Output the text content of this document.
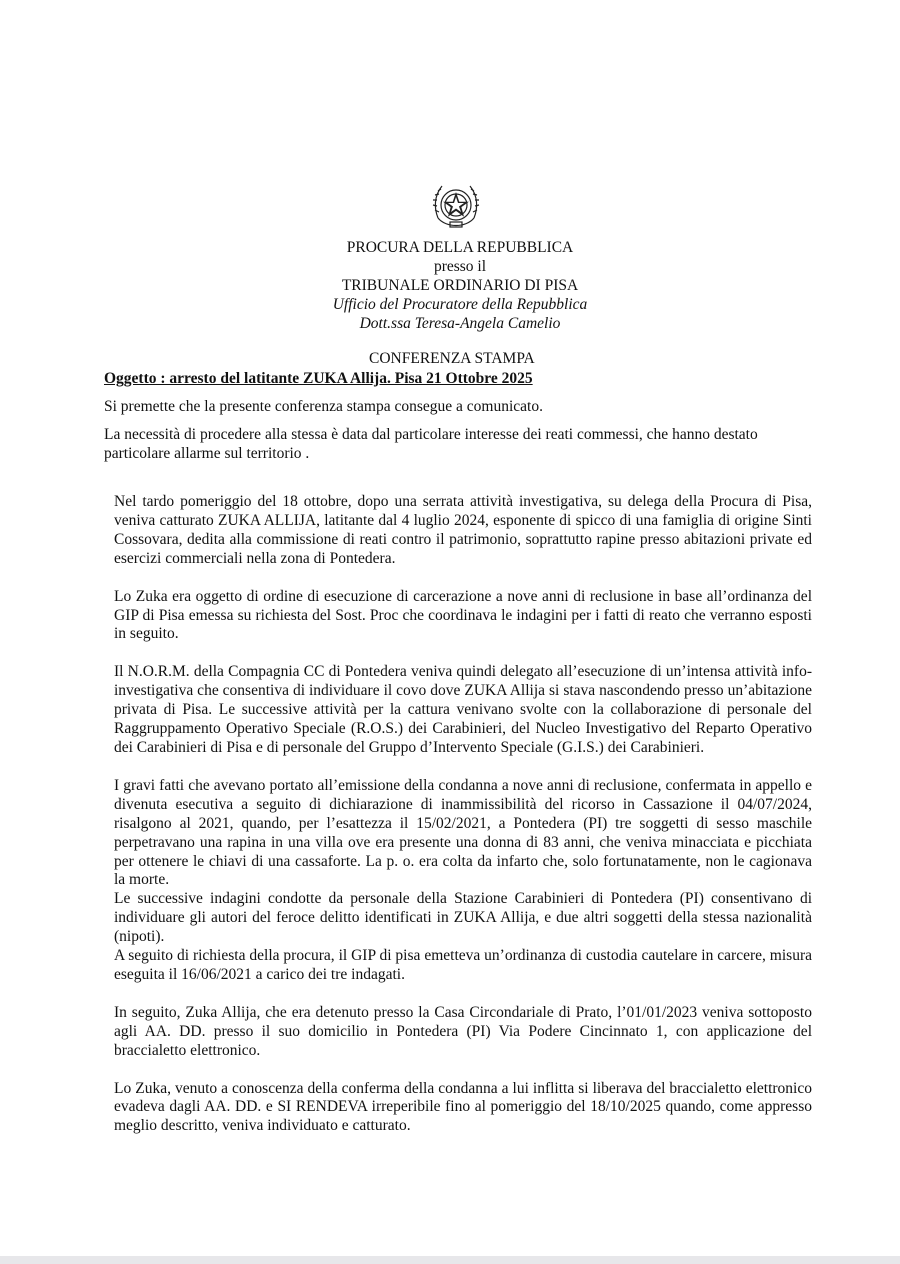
PROCURA DELLA REPUBBLICA
presso il
TRIBUNALE ORDINARIO DI PISA
Ufficio del Procuratore della Repubblica
Dott.ssa Teresa-Angela Camelio
CONFERENZA STAMPA
Oggetto : arresto del latitante ZUKA Allija. Pisa 21 Ottobre 2025
Si premette che la presente conferenza stampa consegue a comunicato.
La necessità di procedere alla stessa è data dal particolare interesse dei reati commessi, che hanno destato particolare allarme sul territorio .

Nel tardo pomeriggio del 18 ottobre, dopo una serrata attività investigativa, su delega della Procura di Pisa, veniva catturato ZUKA ALLIJA, latitante dal 4 luglio 2024, esponente di spicco di una famiglia di origine Sinti Cossovara, dedita alla commissione di reati contro il patrimonio, soprattutto rapine presso abitazioni private ed esercizi commerciali nella zona di Pontedera.

Lo Zuka era oggetto di ordine di esecuzione di carcerazione a nove anni di reclusione in base all’ordinanza del GIP di Pisa emessa su richiesta del Sost. Proc che coordinava le indagini per i fatti di reato che verranno esposti in seguito.

Il N.O.R.M. della Compagnia CC di Pontedera veniva quindi delegato all’esecuzione di un’intensa attività info-investigativa che consentiva di individuare il covo dove ZUKA Allija si stava nascondendo presso un’abitazione privata di Pisa. Le successive attività per la cattura venivano svolte con la collaborazione di personale del Raggruppamento Operativo Speciale (R.O.S.) dei Carabinieri, del Nucleo Investigativo del Reparto Operativo dei Carabinieri di Pisa e di personale del Gruppo d’Intervento Speciale (G.I.S.) dei Carabinieri.

I gravi fatti che avevano portato all’emissione della condanna a nove anni di reclusione, confermata in appello e divenuta esecutiva a seguito di dichiarazione di inammissibilità del ricorso in Cassazione il 04/07/2024, risalgono al 2021, quando, per l’esattezza il 15/02/2021, a Pontedera (PI) tre soggetti di sesso maschile perpetravano una rapina in una villa ove era presente una donna di 83 anni, che veniva minacciata e picchiata per ottenere le chiavi di una cassaforte. La p. o. era colta da infarto che, solo fortunatamente, non le cagionava la morte.

Le successive indagini condotte da personale della Stazione Carabinieri di Pontedera (PI) consentivano di individuare gli autori del feroce delitto identificati in ZUKA Allija, e due altri soggetti della stessa nazionalità (nipoti).

A seguito di richiesta della procura, il GIP di pisa emetteva un’ordinanza di custodia cautelare in carcere, misura eseguita il 16/06/2021 a carico dei tre indagati.

In seguito, Zuka Allija, che era detenuto presso la Casa Circondariale di Prato, l’01/01/2023 veniva sottoposto agli AA. DD. presso il suo domicilio in Pontedera (PI) Via Podere Cincinnato 1, con applicazione del braccialetto elettronico.

Lo Zuka, venuto a conoscenza della conferma della condanna a lui inflitta si liberava del braccialetto elettronico evadeva dagli AA. DD. e SI RENDEVA irreperibile fino al pomeriggio del 18/10/2025 quando, come appresso meglio descritto, veniva individuato e catturato.
